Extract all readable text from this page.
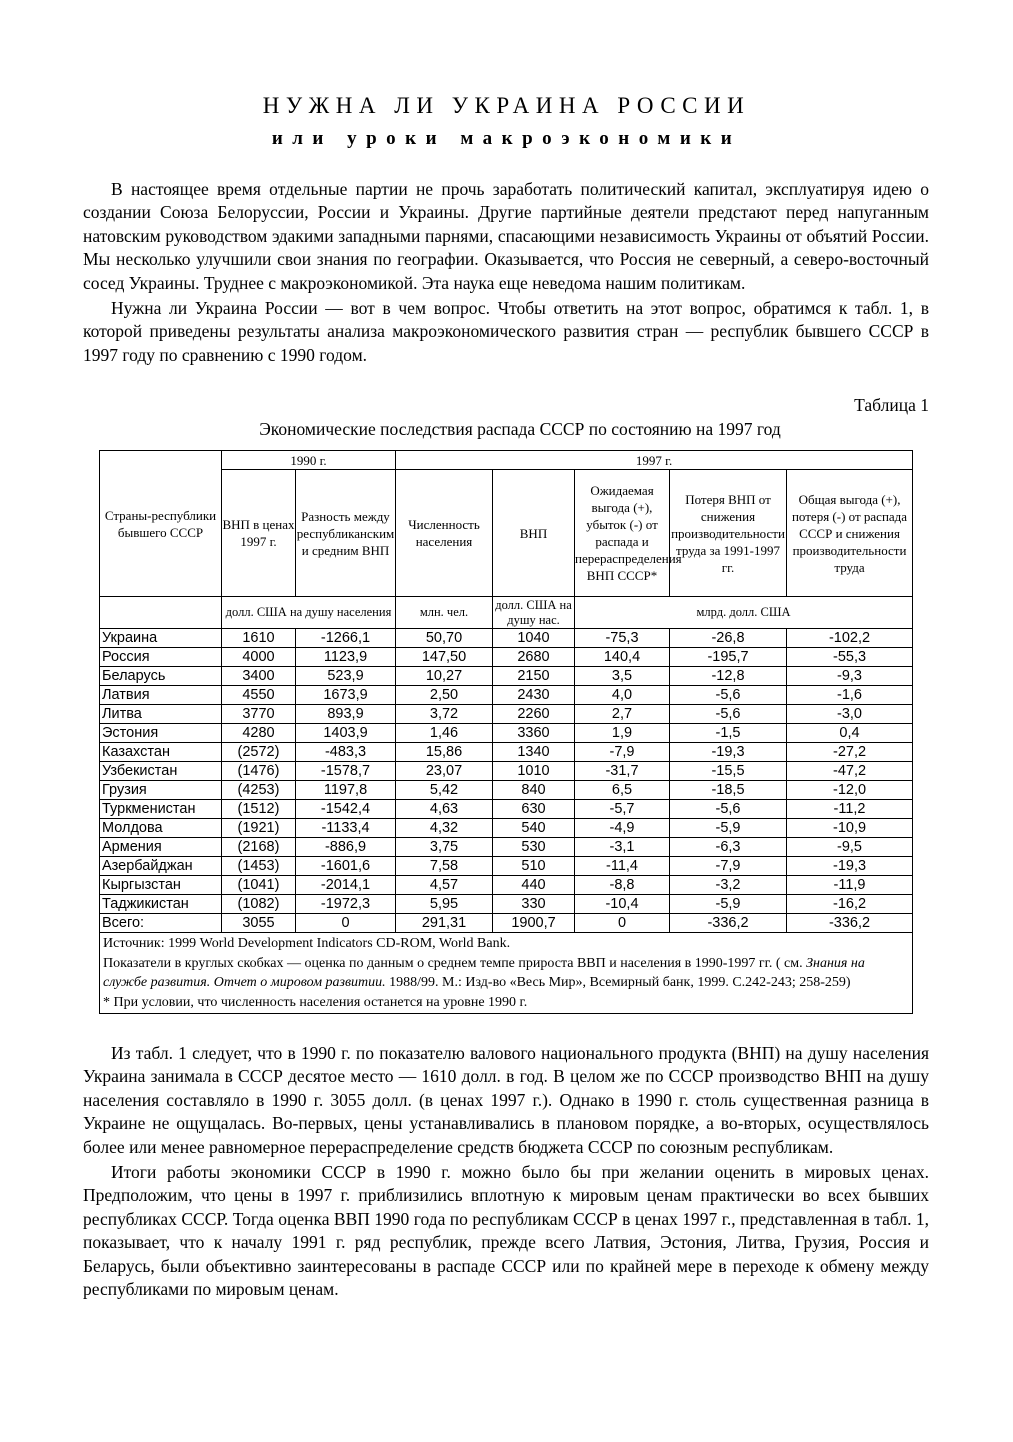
НУЖНА ЛИ УКРАИНА РОССИИ
или уроки макроэкономики

В настоящее время отдельные партии не прочь заработать политический капитал, эксплуатируя идею о создании Союза Белоруссии, России и Украины. Другие партийные деятели предстают перед напуганным натовским руководством эдакими западными парнями, спасающими независимость Украины от объятий России. Мы несколько улучшили свои знания по географии. Оказывается, что Россия не северный, а северо-восточный сосед Украины. Труднее с макроэкономикой. Эта наука еще неведома нашим политикам.

Нужна ли Украина России — вот в чем вопрос. Чтобы ответить на этот вопрос, обратимся к табл. 1, в которой приведены результаты анализа макроэкономического развития стран — республик бывшего СССР в 1997 году по сравнению с 1990 годом.

Таблица 1
Экономические последствия распада СССР по состоянию на 1997 год
Страны-республики бывшего СССР	1990 г.		1997 г.				
	ВНП в ценах 1997 г.	Разность между республиканским и средним ВНП	Численность населения	ВНП	Ожидаемая выгода (+), убыток (-) от распада и перераспределения ВНП СССР*	Потеря ВНП от снижения производительности труда за 1991-1997 гг.	Общая выгода (+), потеря (-) от распада СССР и снижения производительности труда
	долл. США на душу населения		млн. чел.	долл. США на душу нас.	млрд. долл. США		
Украина	1610	-1266,1	50,70	1040	-75,3	-26,8	-102,2
Россия	4000	1123,9	147,50	2680	140,4	-195,7	-55,3
Беларусь	3400	523,9	10,27	2150	3,5	-12,8	-9,3
Латвия	4550	1673,9	2,50	2430	4,0	-5,6	-1,6
Литва	3770	893,9	3,72	2260	2,7	-5,6	-3,0
Эстония	4280	1403,9	1,46	3360	1,9	-1,5	0,4
Казахстан	(2572)	-483,3	15,86	1340	-7,9	-19,3	-27,2
Узбекистан	(1476)	-1578,7	23,07	1010	-31,7	-15,5	-47,2
Грузия	(4253)	1197,8	5,42	840	6,5	-18,5	-12,0
Туркменистан	(1512)	-1542,4	4,63	630	-5,7	-5,6	-11,2
Молдова	(1921)	-1133,4	4,32	540	-4,9	-5,9	-10,9
Армения	(2168)	-886,9	3,75	530	-3,1	-6,3	-9,5
Азербайджан	(1453)	-1601,6	7,58	510	-11,4	-7,9	-19,3
Кыргызстан	(1041)	-2014,1	4,57	440	-8,8	-3,2	-11,9
Таджикистан	(1082)	-1972,3	5,95	330	-10,4	-5,9	-16,2
Всего:	3055	0	291,31	1900,7	0	-336,2	-336,2

Источник: 1999 World Development Indicators CD-ROM, World Bank.
Показатели в круглых скобках — оценка по данным о среднем темпе прироста ВВП и населения в 1990-1997 гг. ( см. Знания на службе развития. Отчет о мировом развитии. 1988/99. М.: Изд-во «Весь Мир», Всемирный банк, 1999. С.242-243; 258-259)
* При условии, что численность населения останется на уровне 1990 г.							

Из табл. 1 следует, что в 1990 г. по показателю валового национального продукта (ВНП) на душу населения Украина занимала в СССР десятое место — 1610 долл. в год. В целом же по СССР производство ВНП на душу населения составляло в 1990 г. 3055 долл. (в ценах 1997 г.). Однако в 1990 г. столь существенная разница в Украине не ощущалась. Во-первых, цены устанавливались в плановом порядке, а во-вторых, осуществлялось более или менее равномерное перераспределение средств бюджета СССР по союзным республикам.

Итоги работы экономики СССР в 1990 г. можно было бы при желании оценить в мировых ценах. Предположим, что цены в 1997 г. приблизились вплотную к мировым ценам практически во всех бывших республиках СССР. Тогда оценка ВВП 1990 года по республикам СССР в ценах 1997 г., представленная в табл. 1, показывает, что к началу 1991 г. ряд республик, прежде всего Латвия, Эстония, Литва, Грузия, Россия и Беларусь, были объективно заинтересованы в распаде СССР или по крайней мере в переходе к обмену между республиками по мировым ценам.
